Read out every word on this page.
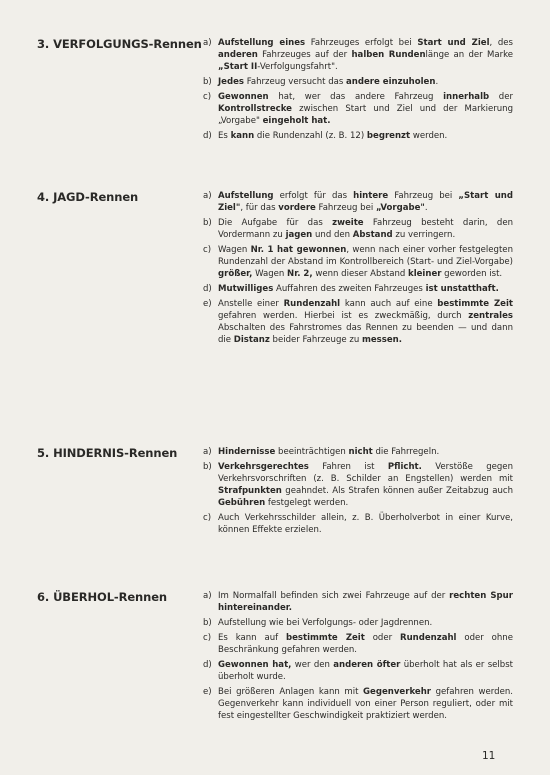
3. VERFOLGUNGS-Rennen a) Aufstellung eines Fahrzeuges erfolgt bei Start und Ziel, des anderen Fahrzeuges auf der halben Rundenlänge an der Marke „Start II-Verfolgungsfahrt".
b) Jedes Fahrzeug versucht das andere einzuholen.
c) Gewonnen hat, wer das andere Fahrzeug innerhalb der Kontrollstrecke zwischen Start und Ziel und der Markierung „Vorgabe" eingeholt hat.
d) Es kann die Rundenzahl (z. B. 12) begrenzt werden.
4. JAGD-Rennen	a) Aufstellung erfolgt für das hintere Fahrzeug bei „Start und Ziel", für das vordere Fahrzeug bei „Vorgabe".
b) Die Aufgabe für das zweite Fahrzeug besteht darin, den Vordermann zu jagen und den Abstand zu verringern.
c) Wagen Nr. 1 hat gewonnen, wenn nach einer vorher festgelegten Rundenzahl der Abstand im Kontrollbereich (Start- und Ziel-Vorgabe) größer, Wagen Nr. 2, wenn dieser Abstand kleiner geworden ist.
d) Mutwilliges Auffahren des zweiten Fahrzeuges ist unstatthaft.
e) Anstelle einer Rundenzahl kann auch auf eine bestimmte Zeit gefahren werden. Hierbei ist es zweckmäßig, durch zentrales Abschalten des Fahrstromes das Rennen zu beenden — und dann die Distanz beider Fahrzeuge zu messen.
5. HINDERNIS-Rennen	a) Hindernisse beeinträchtigen nicht die Fahrregeln.
b) Verkehrsgerechtes Fahren ist Pflicht. Verstöße gegen Verkehrsvorschriften (z. B. Schilder an Engstellen) werden mit Strafpunkten geahndet. Als Strafen können außer Zeitabzug auch Gebühren festgelegt werden.
c) Auch Verkehrsschilder allein, z. B. Überholverbot in einer Kurve, können Effekte erzielen.
6. ÜBERHOL-Rennen	a) Im Normalfall befinden sich zwei Fahrzeuge auf der rechten Spur hintereinander.
b) Aufstellung wie bei Verfolgungs- oder Jagdrennen.
c) Es kann auf bestimmte Zeit oder Rundenzahl oder ohne Beschränkung gefahren werden.
d) Gewonnen hat, wer den anderen öfter überholt hat als er selbst überholt wurde.
e) Bei größeren Anlagen kann mit Gegenverkehr gefahren werden. Gegenverkehr kann individuell von einer Person reguliert, oder mit fest eingestellter Geschwindigkeit praktiziert werden.
11
